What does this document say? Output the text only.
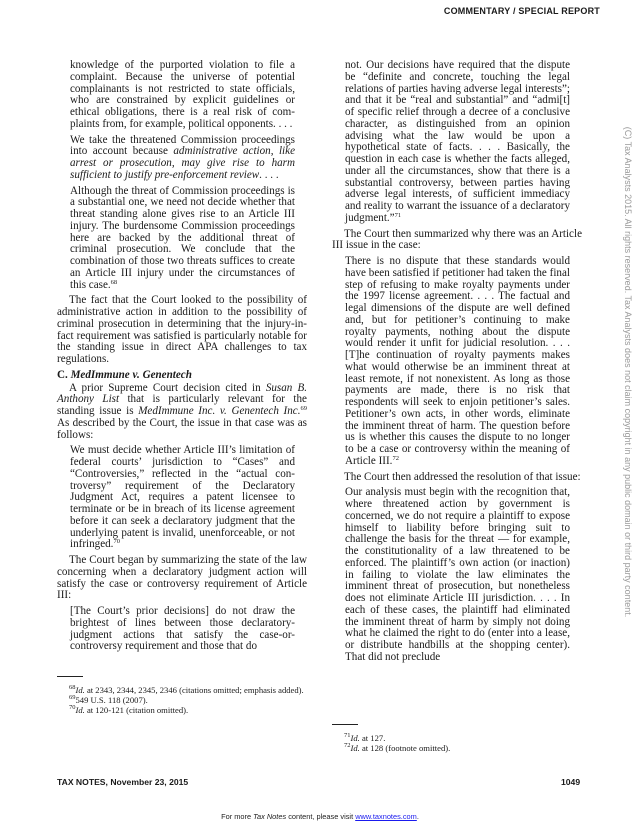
COMMENTARY / SPECIAL REPORT
knowledge of the purported violation to file a complaint. Because the universe of potential complainants is not restricted to state officials, who are constrained by explicit guidelines or ethical obligations, there is a real risk of complaints from, for example, political opponents. . . .
We take the threatened Commission proceedings into account because administrative action, like arrest or prosecution, may give rise to harm sufficient to justify pre-enforcement review. . . .
Although the threat of Commission proceedings is a substantial one, we need not decide whether that threat standing alone gives rise to an Article III injury. The burdensome Commission proceedings here are backed by the additional threat of criminal prosecution. We conclude that the combination of those two threats suffices to create an Article III injury under the circumstances of this case.$^{68}$
The fact that the Court looked to the possibility of administrative action in addition to the possibility of criminal prosecution in determining that the injury-in-fact requirement was satisfied is particularly notable for the standing issue in direct APA challenges to tax regulations.
C. MedImmune v. Genentech
A prior Supreme Court decision cited in Susan B. Anthony List that is particularly relevant for the standing issue is MedImmune Inc. v. Genentech Inc.$^{69}$ As described by the Court, the issue in that case was as follows:
We must decide whether Article III’s limitation of federal courts’ jurisdiction to “Cases” and “Controversies,” reflected in the “actual controversy” requirement of the Declaratory Judgment Act, requires a patent licensee to terminate or be in breach of its license agreement before it can seek a declaratory judgment that the underlying patent is invalid, unenforceable, or not infringed.$^{70}$
The Court began by summarizing the state of the law concerning when a declaratory judgment action will satisfy the case or controversy requirement of Article III:
[The Court’s prior decisions] do not draw the brightest of lines between those declaratory-judgment actions that satisfy the case-or-controversy requirement and those that do
not. Our decisions have required that the dispute be “definite and concrete, touching the legal relations of parties having adverse legal interests”; and that it be “real and substantial” and “admi[t] of specific relief through a decree of a conclusive character, as distinguished from an opinion advising what the law would be upon a hypothetical state of facts. . . . Basically, the question in each case is whether the facts alleged, under all the circumstances, show that there is a substantial controversy, between parties having adverse legal interests, of sufficient immediacy and reality to warrant the issuance of a declaratory judgment.”$^{71}$
The Court then summarized why there was an Article III issue in the case:
There is no dispute that these standards would have been satisfied if petitioner had taken the final step of refusing to make royalty payments under the 1997 license agreement. . . . The factual and legal dimensions of the dispute are well defined and, but for petitioner’s continuing to make royalty payments, nothing about the dispute would render it unfit for judicial resolution. . . . [T]he continuation of royalty payments makes what would otherwise be an imminent threat at least remote, if not nonexistent. As long as those payments are made, there is no risk that respondents will seek to enjoin petitioner’s sales. Petitioner’s own acts, in other words, eliminate the imminent threat of harm. The question before us is whether this causes the dispute to no longer to be a case or controversy within the meaning of Article III.$^{72}$
The Court then addressed the resolution of that issue:
Our analysis must begin with the recognition that, where threatened action by government is concerned, we do not require a plaintiff to expose himself to liability before bringing suit to challenge the basis for the threat — for example, the constitutionality of a law threatened to be enforced. The plaintiff’s own action (or inaction) in failing to violate the law eliminates the imminent threat of prosecution, but nonetheless does not eliminate Article III jurisdiction. . . . In each of these cases, the plaintiff had eliminated the imminent threat of harm by simply not doing what he claimed the right to do (enter into a lease, or distribute handbills at the shopping center). That did not preclude

$^{68}$Id. at 2343, 2344, 2345, 2346 (citations omitted; emphasis added).

$^{69}$549 U.S. 118 (2007).

$^{70}$Id. at 120-121 (citation omitted).

$^{71}$Id. at 127.

$^{72}$Id. at 128 (footnote omitted).

(C) Tax Analysts 2015. All rights reserved. Tax Analysts does not claim copyright in any public domain or third party content.
TAX NOTES, November 23, 2015	1049
For more Tax Notes content, please visit www.taxnotes.com.
